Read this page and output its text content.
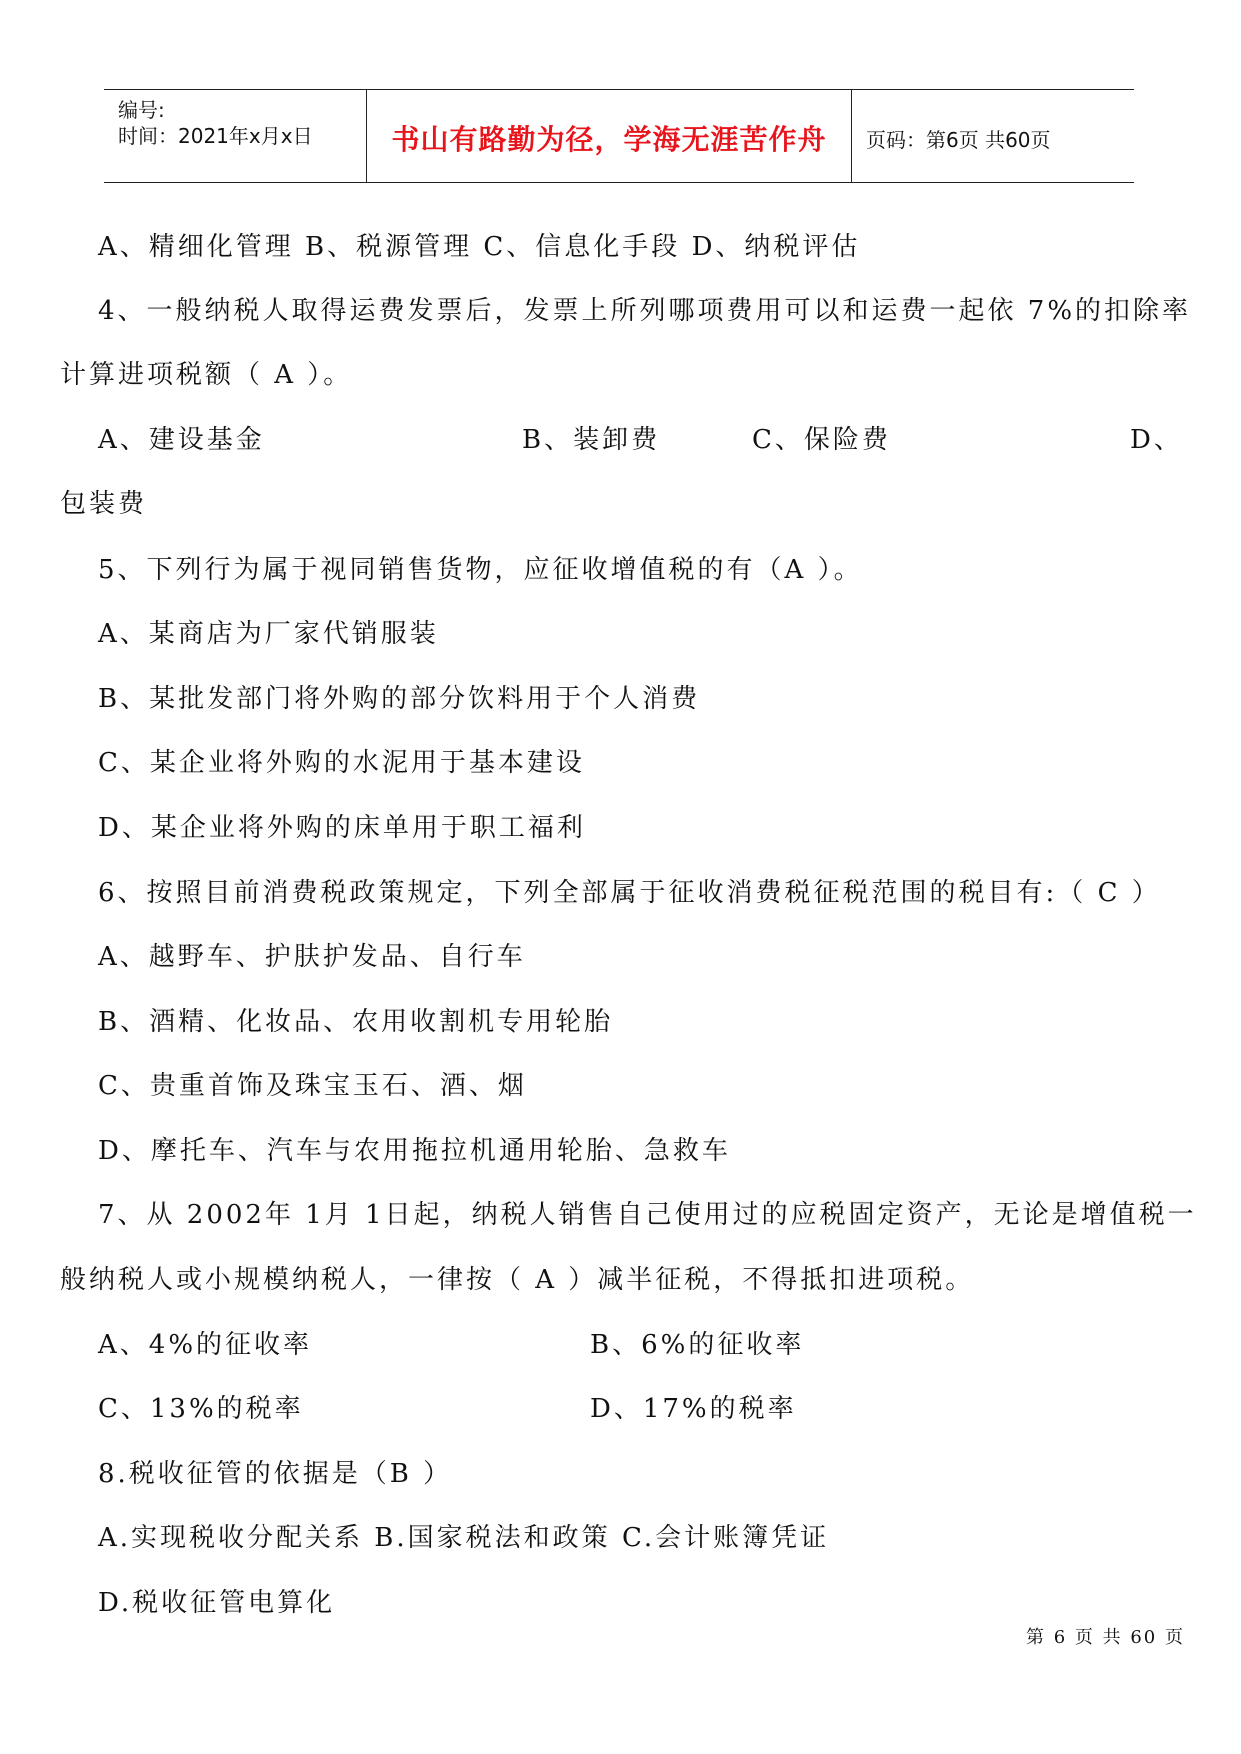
编号:
时间：2021年x月x日	书山有路勤为径，学海无涯苦作舟	页码：第6页 共60页
A、精细化管理 B、税源管理 C、信息化手段 D、纳税评估
4、一般纳税人取得运费发票后，发票上所列哪项费用可以和运费一起依 7%的扣除率
计算进项税额（ A ）。
A、建设基金	B、装卸费	C、保险费	D、
包装费
5、下列行为属于视同销售货物，应征收增值税的有（A ）。
A、某商店为厂家代销服装
B、某批发部门将外购的部分饮料用于个人消费
C、某企业将外购的水泥用于基本建设
D、某企业将外购的床单用于职工福利
6、按照目前消费税政策规定，下列全部属于征收消费税征税范围的税目有:（ C ）
A、越野车、护肤护发品、自行车
B、酒精、化妆品、农用收割机专用轮胎
C、贵重首饰及珠宝玉石、酒、烟
D、摩托车、汽车与农用拖拉机通用轮胎、急救车
7、从 2002年 1月 1日起，纳税人销售自己使用过的应税固定资产，无论是增值税一
般纳税人或小规模纳税人，一律按（ A ）减半征税，不得抵扣进项税。
A、4%的征收率	B、6%的征收率
C、13%的税率	D、17%的税率
8.税收征管的依据是（B ）
A.实现税收分配关系 B.国家税法和政策 C.会计账簿凭证
D.税收征管电算化
第 6 页 共 60 页
